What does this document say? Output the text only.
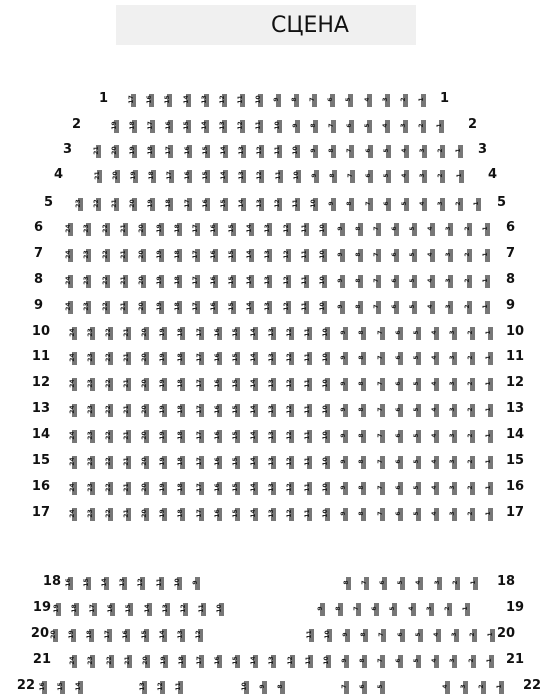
СЦЕНА
1	1
17 16 15 14 13 12 11 10 9 8 7 6 5 4 3 2 1
2	2
19 18 17 16 15 14 13 12 11 10 9 8 7 6 5 4 3 2 1
3	3
21 20 19 18 17 16 15 14 13 12 11 10 9 8 7 6 5 4 3 2 1
4	4
21 20 19 18 17 16 15 14 13 12 11 10 9 8 7 6 5 4 3 2 1
5	5
23 22 21 20 19 18 17 16 15 14 13 12 11 10 9 8 7 6 5 4 3 2 1
6	6
24 23 22 21 20 19 18 17 16 15 14 13 12 11 10 9 8 7 6 5 4 3 2 1
7	7
24 23 22 21 20 19 18 17 16 15 14 13 12 11 10 9 8 7 6 5 4 3 2 1
8	8
24 23 22 21 20 19 18 17 16 15 14 13 12 11 10 9 8 7 6 5 4 3 2 1
9	9
24 23 22 21 20 19 18 17 16 15 14 13 12 11 10 9 8 7 6 5 4 3 2 1
10	10
24 23 22 21 20 19 18 17 16 15 14 13 12 11 10 9 8 7 6 5 4 3 2 1
11	11
24 23 22 21 20 19 18 17 16 15 14 13 12 11 10 9 8 7 6 5 4 3 2 1
12	12
24 23 22 21 20 19 18 17 16 15 14 13 12 11 10 9 8 7 6 5 4 3 2 1
13	13
24 23 22 21 20 19 18 17 16 15 14 13 12 11 10 9 8 7 6 5 4 3 2 1
14	14
24 23 22 21 20 19 18 17 16 15 14 13 12 11 10 9 8 7 6 5 4 3 2 1
15	15
24 23 22 21 20 19 18 17 16 15 14 13 12 11 10 9 8 7 6 5 4 3 2 1
16	16
24 23 22 21 20 19 18 17 16 15 14 13 12 11 10 9 8 7 6 5 4 3 2 1
17	17
24 23 22 21 20 19 18 17 16 15 14 13 12 11 10 9 8 7 6 5 4 3 2 1
18	18
16 15 14 13 12 11 10 9	8 7 6 5 4 3 2 1
19	19
19 18 17 16 15 14 13 12 11 10	9 8 7 6 5 4 3 2 1
20	20
20 19 18 17 16 15 14 13 12	11 10 9 8 7 6 5 4 3 2 1
21	21
24 23 22 21 20 19 18 17 16 15 14 13 12 11 10 9 8 7 6 5 4 3 2 1
22	22
16 15 14	13 12 11	10 9 8	7 6 5	4 3 2 1
